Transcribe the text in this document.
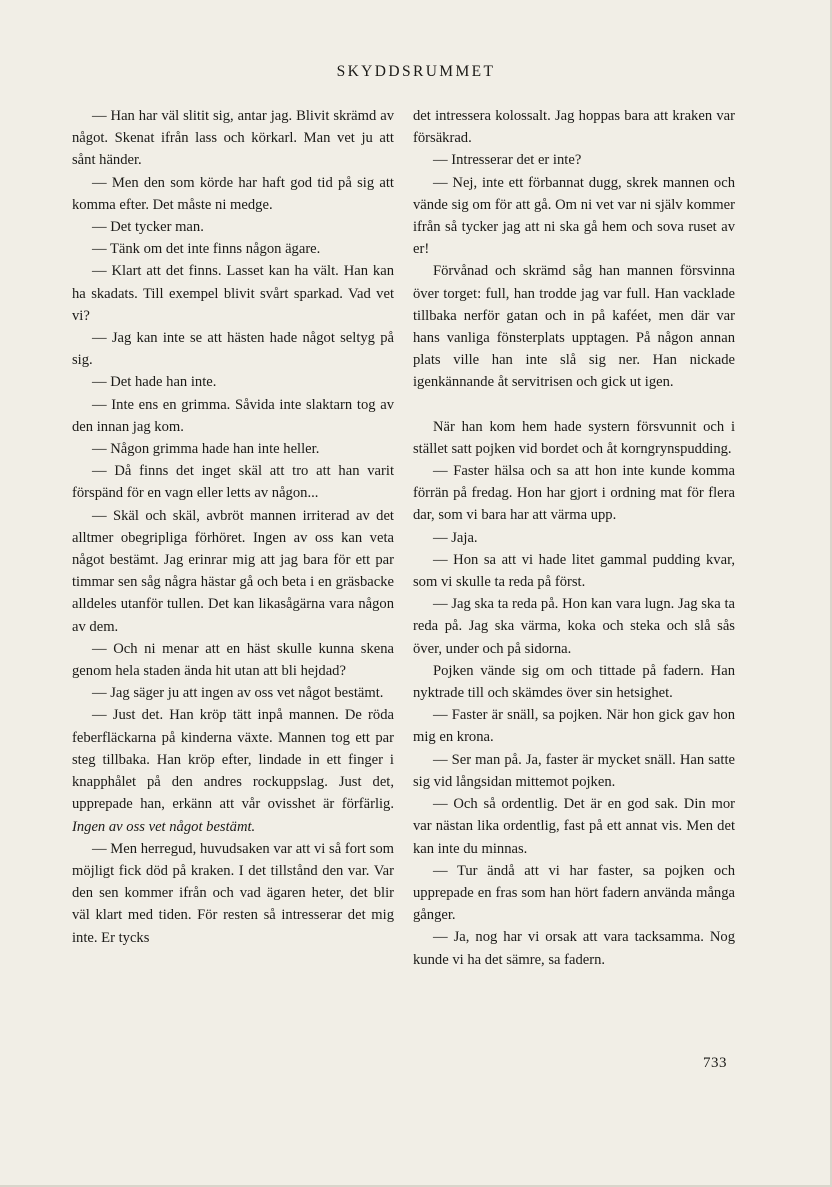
SKYDDSRUMMET

— Han har väl slitit sig, antar jag. Blivit skrämd av något. Skenat ifrån lass och körkarl. Man vet ju att sånt händer.

— Men den som körde har haft god tid på sig att komma efter. Det måste ni medge.

— Det tycker man.

— Tänk om det inte finns någon ägare.

— Klart att det finns. Lasset kan ha vält. Han kan ha skadats. Till exempel blivit svårt sparkad. Vad vet vi?

— Jag kan inte se att hästen hade något seltyg på sig.

— Det hade han inte.

— Inte ens en grimma. Såvida inte slaktarn tog av den innan jag kom.

— Någon grimma hade han inte heller.

— Då finns det inget skäl att tro att han varit förspänd för en vagn eller letts av någon...

— Skäl och skäl, avbröt mannen irriterad av det alltmer obegripliga förhöret. Ingen av oss kan veta något bestämt. Jag erinrar mig att jag bara för ett par timmar sen såg några hästar gå och beta i en gräsbacke alldeles utanför tullen. Det kan likasågärna vara någon av dem.

— Och ni menar att en häst skulle kunna skena genom hela staden ända hit utan att bli hejdad?

— Jag säger ju att ingen av oss vet något bestämt.

— Just det. Han kröp tätt inpå mannen. De röda feberfläckarna på kinderna växte. Mannen tog ett par steg tillbaka. Han kröp efter, lindade in ett finger i knapphålet på den andres rockuppslag. Just det, upprepade han, erkänn att vår ovisshet är förfärlig. Ingen av oss vet något bestämt.

— Men herregud, huvudsaken var att vi så fort som möjligt fick död på kraken. I det tillstånd den var. Var den sen kommer ifrån och vad ägaren heter, det blir väl klart med tiden. För resten så intresserar det mig inte. Er tycks

det intressera kolossalt. Jag hoppas bara att kraken var försäkrad.

— Intresserar det er inte?

— Nej, inte ett förbannat dugg, skrek mannen och vände sig om för att gå. Om ni vet var ni själv kommer ifrån så tycker jag att ni ska gå hem och sova ruset av er!

Förvånad och skrämd såg han mannen försvinna över torget: full, han trodde jag var full. Han vacklade tillbaka nerför gatan och in på kaféet, men där var hans vanliga fönsterplats upptagen. På någon annan plats ville han inte slå sig ner. Han nickade igenkännande åt servitrisen och gick ut igen.

När han kom hem hade systern försvunnit och i stället satt pojken vid bordet och åt korngrynspudding.

— Faster hälsa och sa att hon inte kunde komma förrän på fredag. Hon har gjort i ordning mat för flera dar, som vi bara har att värma upp.

— Jaja.

— Hon sa att vi hade litet gammal pudding kvar, som vi skulle ta reda på först.

— Jag ska ta reda på. Hon kan vara lugn. Jag ska ta reda på. Jag ska värma, koka och steka och slå sås över, under och på sidorna.

Pojken vände sig om och tittade på fadern. Han nyktrade till och skämdes över sin hetsighet.

— Faster är snäll, sa pojken. När hon gick gav hon mig en krona.

— Ser man på. Ja, faster är mycket snäll. Han satte sig vid långsidan mittemot pojken.

— Och så ordentlig. Det är en god sak. Din mor var nästan lika ordentlig, fast på ett annat vis. Men det kan inte du minnas.

— Tur ändå att vi har faster, sa pojken och upprepade en fras som han hört fadern använda många gånger.

— Ja, nog har vi orsak att vara tacksamma. Nog kunde vi ha det sämre, sa fadern.

733
